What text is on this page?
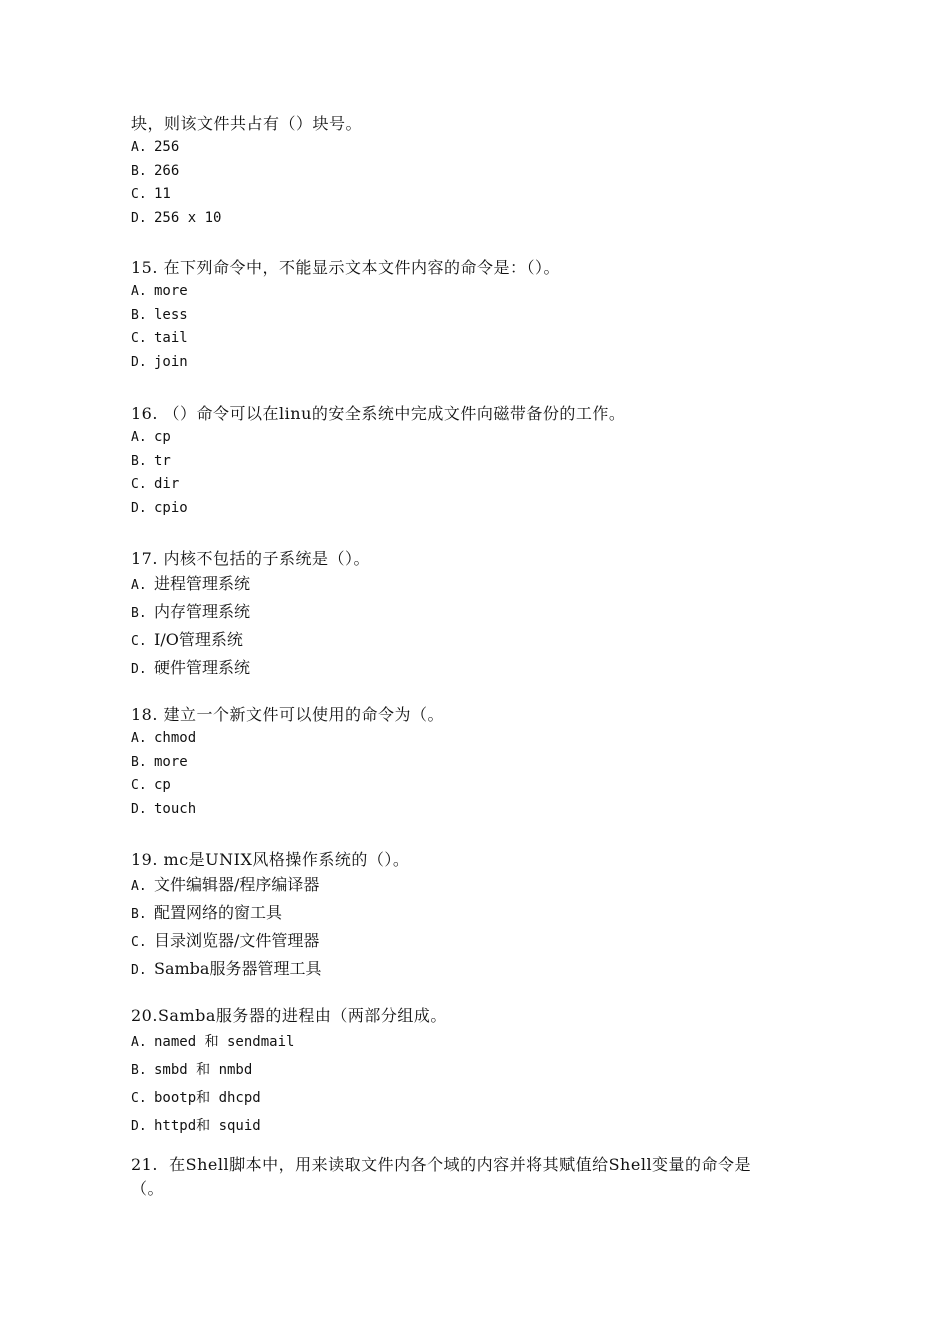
块，则该文件共占有（）块号。
A. 256
B. 266
C. 11
D. 256 x 10
15. 在下列命令中，不能显示文本文件内容的命令是：（）。
A. more
B. less
C. tail
D. join
16. （）命令可以在linu的安全系统中完成文件向磁带备份的工作。
A. cp
B. tr
C. dir
D. cpio
17. 内核不包括的子系统是（）。
A. 进程管理系统
B. 内存管理系统
C. I/O管理系统
D. 硬件管理系统
18. 建立一个新文件可以使用的命令为（。
A. chmod
B. more
C. cp
D. touch
19. mc是UNIX风格操作系统的（）。
A. 文件编辑器/程序编译器
B. 配置网络的窗工具
C. 目录浏览器/文件管理器
D. Samba服务器管理工具
20.Samba服务器的进程由（两部分组成。
A. named 和 sendmail
B. smbd 和 nmbd
C. bootp和 dhcpd
D. httpd和 squid
21.  在Shell脚本中，用来读取文件内各个域的内容并将其赋值给Shell变量的命令是
（。
